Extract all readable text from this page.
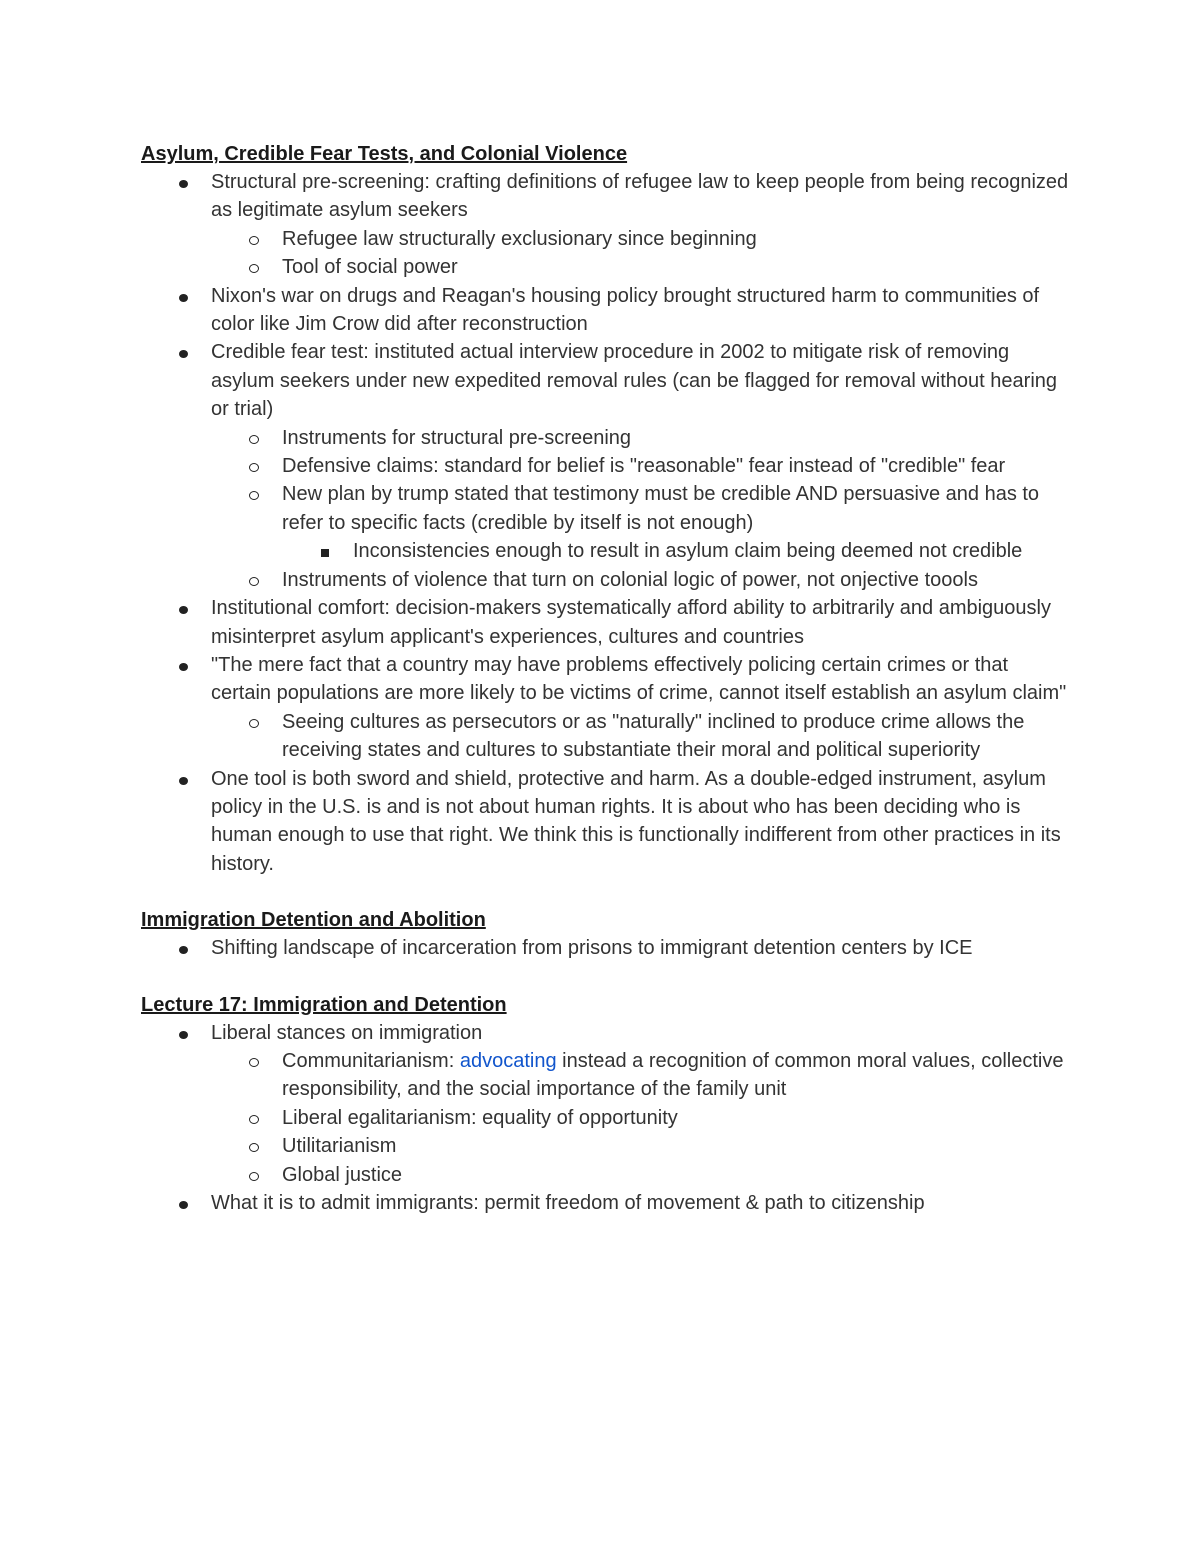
Asylum, Credible Fear Tests, and Colonial Violence

Structural pre-screening: crafting definitions of refugee law to keep people from being recognized as legitimate asylum seekers
Refugee law structurally exclusionary since beginning
Tool of social power
Nixon's war on drugs and Reagan's housing policy brought structured harm to communities of color like Jim Crow did after reconstruction
Credible fear test: instituted actual interview procedure in 2002 to mitigate risk of removing asylum seekers under new expedited removal rules (can be flagged for removal without hearing or trial)
Instruments for structural pre-screening
Defensive claims: standard for belief is "reasonable" fear instead of "credible" fear
New plan by trump stated that testimony must be credible AND persuasive and has to refer to specific facts (credible by itself is not enough)
Inconsistencies enough to result in asylum claim being deemed not credible
Instruments of violence that turn on colonial logic of power, not onjective toools
Institutional comfort: decision-makers systematically afford ability to arbitrarily and ambiguously misinterpret asylum applicant's experiences, cultures and countries
"The mere fact that a country may have problems effectively policing certain crimes or that certain populations are more likely to be victims of crime, cannot itself establish an asylum claim"
Seeing cultures as persecutors or as "naturally" inclined to produce crime allows the receiving states and cultures to substantiate their moral and political superiority
One tool is both sword and shield, protective and harm. As a double-edged instrument, asylum policy in the U.S. is and is not about human rights. It is about who has been deciding who is human enough to use that right. We think this is functionally indifferent from other practices in its history.

Immigration Detention and Abolition

Shifting landscape of incarceration from prisons to immigrant detention centers by ICE

Lecture 17: Immigration and Detention

Liberal stances on immigration
Communitarianism: advocating instead a recognition of common moral values, collective responsibility, and the social importance of the family unit
Liberal egalitarianism: equality of opportunity
Utilitarianism
Global justice
What it is to admit immigrants: permit freedom of movement & path to citizenship
